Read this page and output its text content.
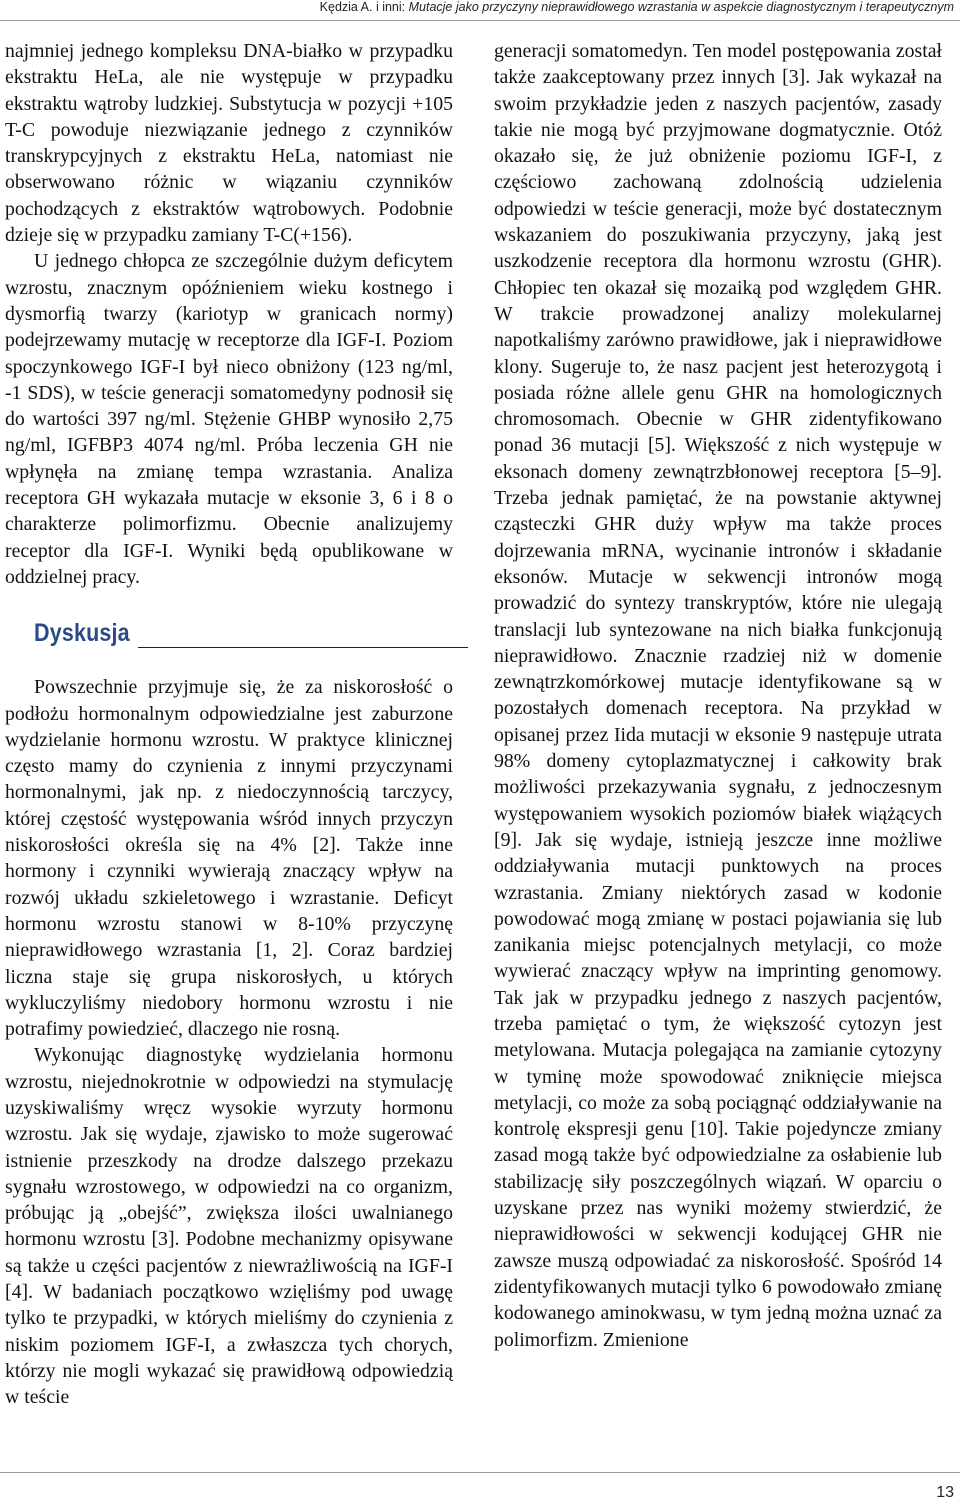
Kędzia A. i inni: Mutacje jako przyczyny nieprawidłowego wzrastania w aspekcie diagnostycznym i terapeutycznym

najmniej jednego kompleksu DNA-białko w przypadku ekstraktu HeLa, ale nie występuje w przypadku ekstraktu wątroby ludzkiej. Substytucja w pozycji +105 T-C powoduje niezwiązanie jednego z czynników transkrypcyjnych z ekstraktu HeLa, natomiast nie obserwowano różnic w wiązaniu czynników pochodzących z ekstraktów wątrobowych. Podobnie dzieje się w przypadku zamiany T-C(+156).

U jednego chłopca ze szczególnie dużym deficytem wzrostu, znacznym opóźnieniem wieku kostnego i dysmorfią twarzy (kariotyp w granicach normy) podejrzewamy mutację w receptorze dla IGF-I. Poziom spoczynkowego IGF-I był nieco obniżony (123 ng/ml, -1 SDS), w teście generacji somatomedyny podnosił się do wartości 397 ng/ml. Stężenie GHBP wynosiło 2,75 ng/ml, IGFBP3 4074 ng/ml. Próba leczenia GH nie wpłynęła na zmianę tempa wzrastania. Analiza receptora GH wykazała mutacje w eksonie 3, 6 i 8 o charakterze polimorfizmu. Obecnie analizujemy receptor dla IGF-I. Wyniki będą opublikowane w oddzielnej pracy.

Dyskusja

Powszechnie przyjmuje się, że za niskorosłość o podłożu hormonalnym odpowiedzialne jest zaburzone wydzielanie hormonu wzrostu. W praktyce klinicznej często mamy do czynienia z innymi przyczynami hormonalnymi, jak np. z niedoczynnością tarczycy, której częstość występowania wśród innych przyczyn niskorosłości określa się na 4% [2]. Także inne hormony i czynniki wywierają znaczący wpływ na rozwój układu szkieletowego i wzrastanie. Deficyt hormonu wzrostu stanowi w 8-10% przyczynę nieprawidłowego wzrastania [1, 2]. Coraz bardziej liczna staje się grupa niskorosłych, u których wykluczyliśmy niedobory hormonu wzrostu i nie potrafimy powiedzieć, dlaczego nie rosną.

Wykonując diagnostykę wydzielania hormonu wzrostu, niejednokrotnie w odpowiedzi na stymulację uzyskiwaliśmy wręcz wysokie wyrzuty hormonu wzrostu. Jak się wydaje, zjawisko to może sugerować istnienie przeszkody na drodze dalszego przekazu sygnału wzrostowego, w odpowiedzi na co organizm, próbując ją „obejść”, zwiększa ilości uwalnianego hormonu wzrostu [3]. Podobne mechanizmy opisywane są także u części pacjentów z niewrażliwością na IGF-I [4]. W badaniach początkowo wzięliśmy pod uwagę tylko te przypadki, w których mieliśmy do czynienia z niskim poziomem IGF-I, a zwłaszcza tych chorych, którzy nie mogli wykazać się prawidłową odpowiedzią w teście

generacji somatomedyn. Ten model postępowania został także zaakceptowany przez innych [3]. Jak wykazał na swoim przykładzie jeden z naszych pacjentów, zasady takie nie mogą być przyjmowane dogmatycznie. Otóż okazało się, że już obniżenie poziomu IGF-I, z częściowo zachowaną zdolnością udzielenia odpowiedzi w teście generacji, może być dostatecznym wskazaniem do poszukiwania przyczyny, jaką jest uszkodzenie receptora dla hormonu wzrostu (GHR). Chłopiec ten okazał się mozaiką pod względem GHR. W trakcie prowadzonej analizy molekularnej napotkaliśmy zarówno prawidłowe, jak i nieprawidłowe klony. Sugeruje to, że nasz pacjent jest heterozygotą i posiada różne allele genu GHR na homologicznych chromosomach. Obecnie w GHR zidentyfikowano ponad 36 mutacji [5]. Większość z nich występuje w eksonach domeny zewnątrzbłonowej receptora [5–9]. Trzeba jednak pamiętać, że na powstanie aktywnej cząsteczki GHR duży wpływ ma także proces dojrzewania mRNA, wycinanie intronów i składanie eksonów. Mutacje w sekwencji intronów mogą prowadzić do syntezy transkryptów, które nie ulegają translacji lub syntezowane na nich białka funkcjonują nieprawidłowo. Znacznie rzadziej niż w domenie zewnątrzkomórkowej mutacje identyfikowane są w pozostałych domenach receptora. Na przykład w opisanej przez Iida mutacji w eksonie 9 następuje utrata 98% domeny cytoplazmatycznej i całkowity brak możliwości przekazywania sygnału, z jednoczesnym występowaniem wysokich poziomów białek wiążących [9]. Jak się wydaje, istnieją jeszcze inne możliwe oddziaływania mutacji punktowych na proces wzrastania. Zmiany niektórych zasad w kodonie powodować mogą zmianę w postaci pojawiania się lub zanikania miejsc potencjalnych metylacji, co może wywierać znaczący wpływ na imprinting genomowy. Tak jak w przypadku jednego z naszych pacjentów, trzeba pamiętać o tym, że większość cytozyn jest metylowana. Mutacja polegająca na zamianie cytozyny w tyminę może spowodować zniknięcie miejsca metylacji, co może za sobą pociągnąć oddziaływanie na kontrolę ekspresji genu [10]. Takie pojedyncze zmiany zasad mogą także być odpowiedzialne za osłabienie lub stabilizację siły poszczególnych wiązań. W oparciu o uzyskane przez nas wyniki możemy stwierdzić, że nieprawidłowości w sekwencji kodującej GHR nie zawsze muszą odpowiadać za niskorosłość. Spośród 14 zidentyfikowanych mutacji tylko 6 powodowało zmianę kodowanego aminokwasu, w tym jedną można uznać za polimorfizm. Zmienione

13
